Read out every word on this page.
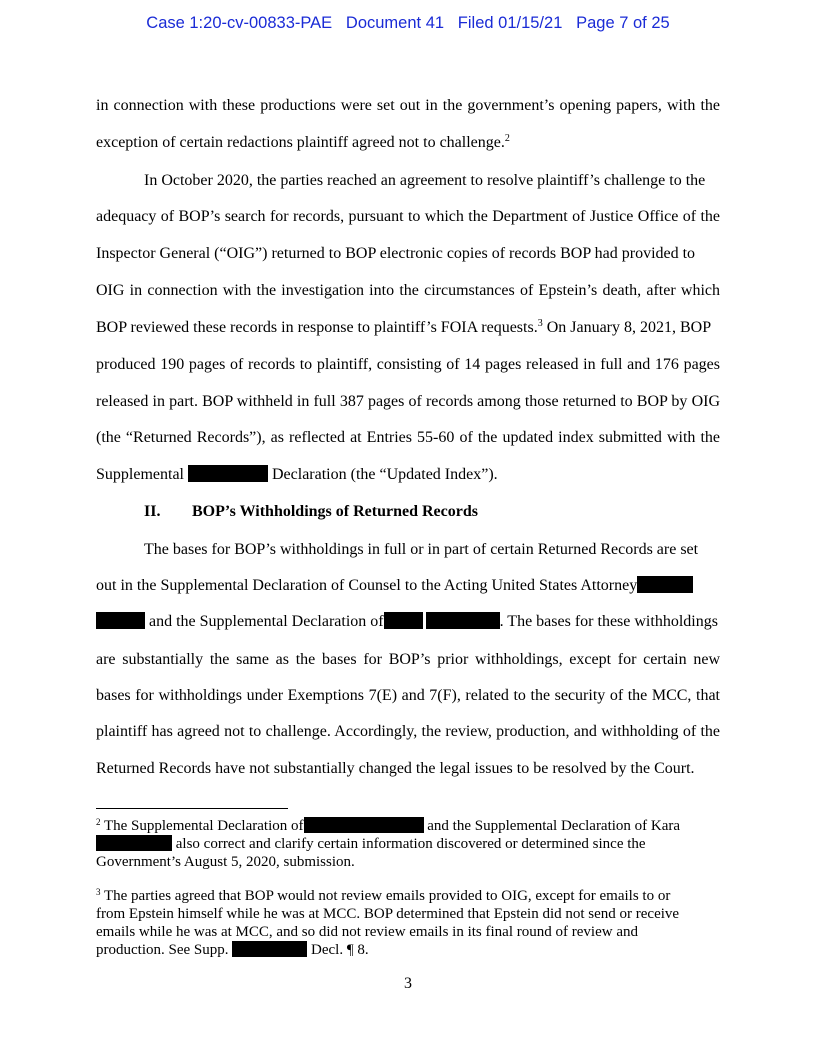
Case 1:20-cv-00833-PAE   Document 41   Filed 01/15/21   Page 7 of 25
in connection with these productions were set out in the government’s opening papers, with the
exception of certain redactions plaintiff agreed not to challenge.$^2$
In October 2020, the parties reached an agreement to resolve plaintiff’s challenge to the
adequacy of BOP’s search for records, pursuant to which the Department of Justice Office of the
Inspector General (“OIG”) returned to BOP electronic copies of records BOP had provided to
OIG in connection with the investigation into the circumstances of Epstein’s death, after which
BOP reviewed these records in response to plaintiff’s FOIA requests.$^3$ On January 8, 2021, BOP
produced 190 pages of records to plaintiff, consisting of 14 pages released in full and 176 pages
released in part. BOP withheld in full 387 pages of records among those returned to BOP by OIG
(the “Returned Records”), as reflected at Entries 55-60 of the updated index submitted with the
Supplemental	Declaration (the “Updated Index”).
II. BOP’s Withholdings of Returned Records
The bases for BOP’s withholdings in full or in part of certain Returned Records are set
out in the Supplemental Declaration of Counsel to the Acting United States Attorney
and the Supplemental Declaration of	. The bases for these withholdings
are substantially the same as the bases for BOP’s prior withholdings, except for certain new
bases for withholdings under Exemptions 7(E) and 7(F), related to the security of the MCC, that
plaintiff has agreed not to challenge. Accordingly, the review, production, and withholding of the
Returned Records have not substantially changed the legal issues to be resolved by the Court.
$^2$ The Supplemental Declaration of	and the Supplemental Declaration of Kara
also correct and clarify certain information discovered or determined since the
Government’s August 5, 2020, submission.
$^3$ The parties agreed that BOP would not review emails provided to OIG, except for emails to or
from Epstein himself while he was at MCC. BOP determined that Epstein did not send or receive
emails while he was at MCC, and so did not review emails in its final round of review and
production. See Supp.	Decl. ¶ 8.
3
